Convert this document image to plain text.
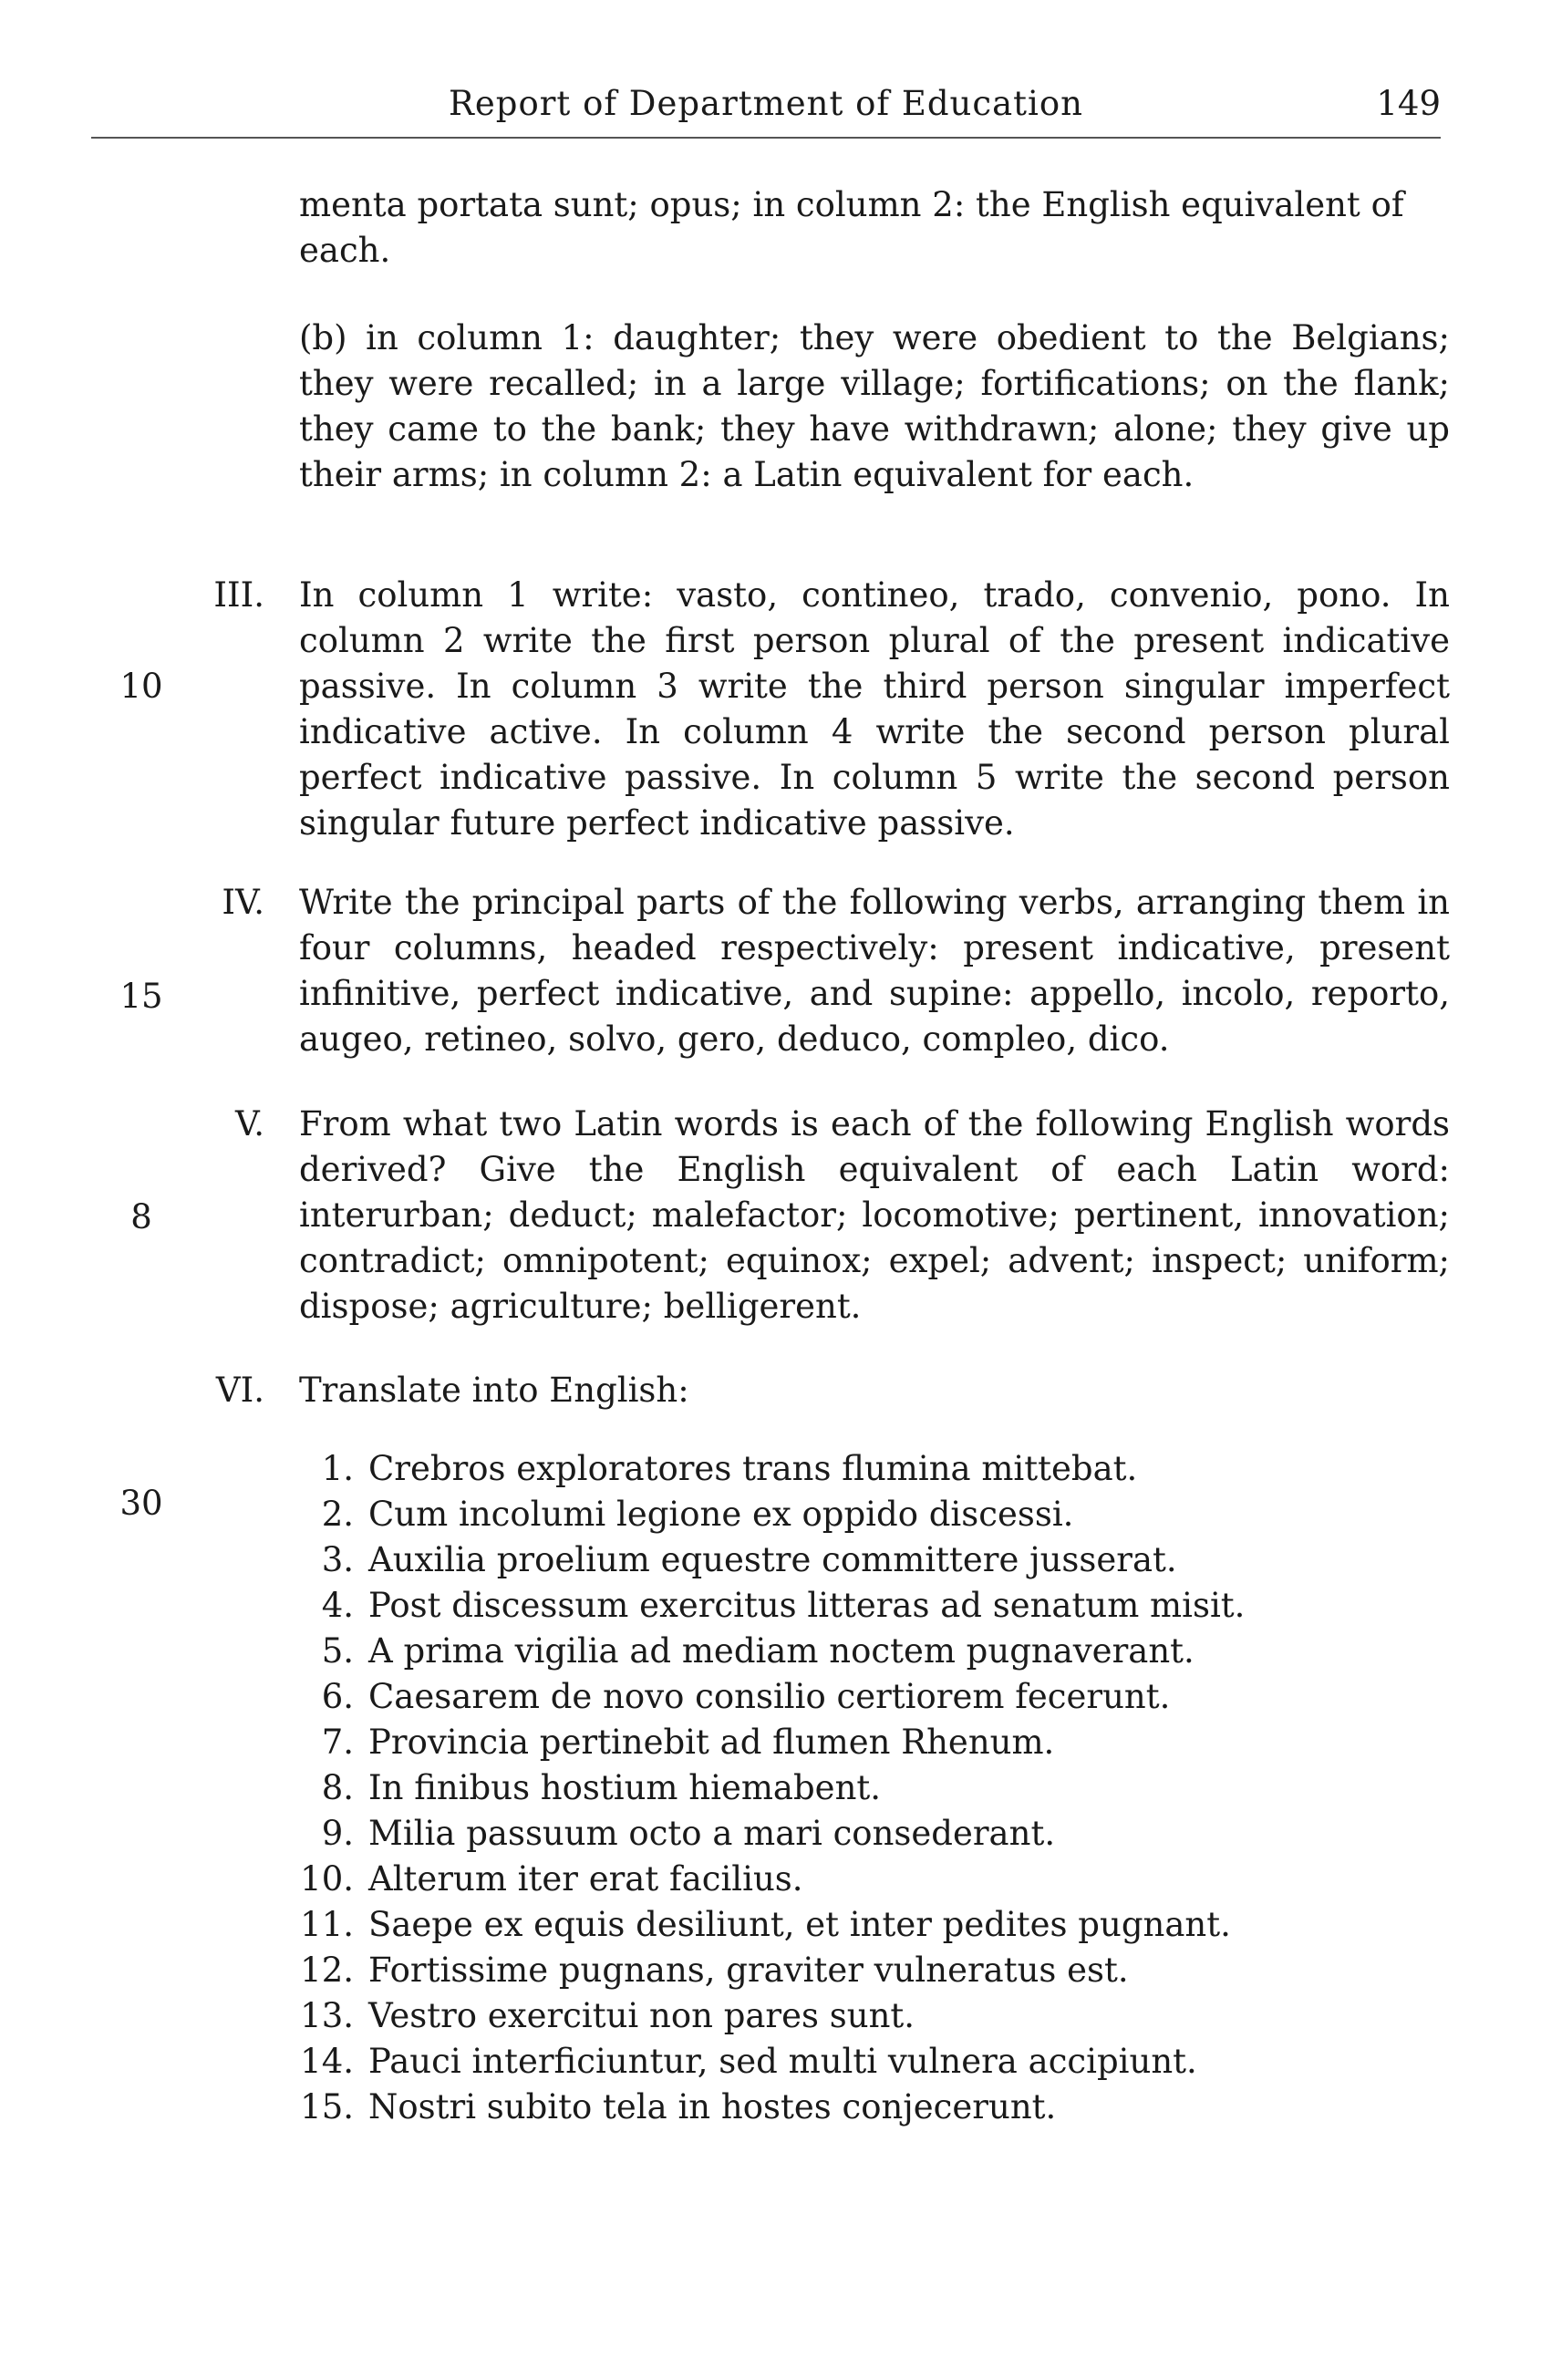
Report of Department of Education	149

menta portata sunt; opus; in column 2: the English equivalent of each.

(b) in column 1: daughter; they were obedient to the Belgians; they were recalled; in a large village; fortifications; on the flank; they came to the bank; they have withdrawn; alone; they give up their arms; in column 2: a Latin equivalent for each.

III.
10

In column 1 write: vasto, contineo, trado, convenio, pono. In column 2 write the first person plural of the present indicative passive. In column 3 write the third person singular imperfect indicative active. In column 4 write the second person plural perfect indicative passive. In column 5 write the second person singular future perfect indicative passive.

IV.
15

Write the principal parts of the following verbs, arranging them in four columns, headed respectively: present indicative, present infinitive, perfect indicative, and supine: appello, incolo, reporto, augeo, retineo, solvo, gero, deduco, compleo, dico.

V.
8

From what two Latin words is each of the following English words derived? Give the English equivalent of each Latin word: interurban; deduct; malefactor; locomotive; pertinent, innovation; contradict; omnipotent; equinox; expel; advent; inspect; uniform; dispose; agriculture; belligerent.

VI.
30

Translate into English:

1. Crebros exploratores trans flumina mittebat.
2. Cum incolumi legione ex oppido discessi.
3. Auxilia proelium equestre committere jusserat.
4. Post discessum exercitus litteras ad senatum misit.
5. A prima vigilia ad mediam noctem pugnaverant.
6. Caesarem de novo consilio certiorem fecerunt.
7. Provincia pertinebit ad flumen Rhenum.
8. In finibus hostium hiemabent.
9. Milia passuum octo a mari consederant.
10. Alterum iter erat facilius.
11. Saepe ex equis desiliunt, et inter pedites pugnant.
12. Fortissime pugnans, graviter vulneratus est.
13. Vestro exercitui non pares sunt.
14. Pauci interficiuntur, sed multi vulnera accipiunt.
15. Nostri subito tela in hostes conjecerunt.
